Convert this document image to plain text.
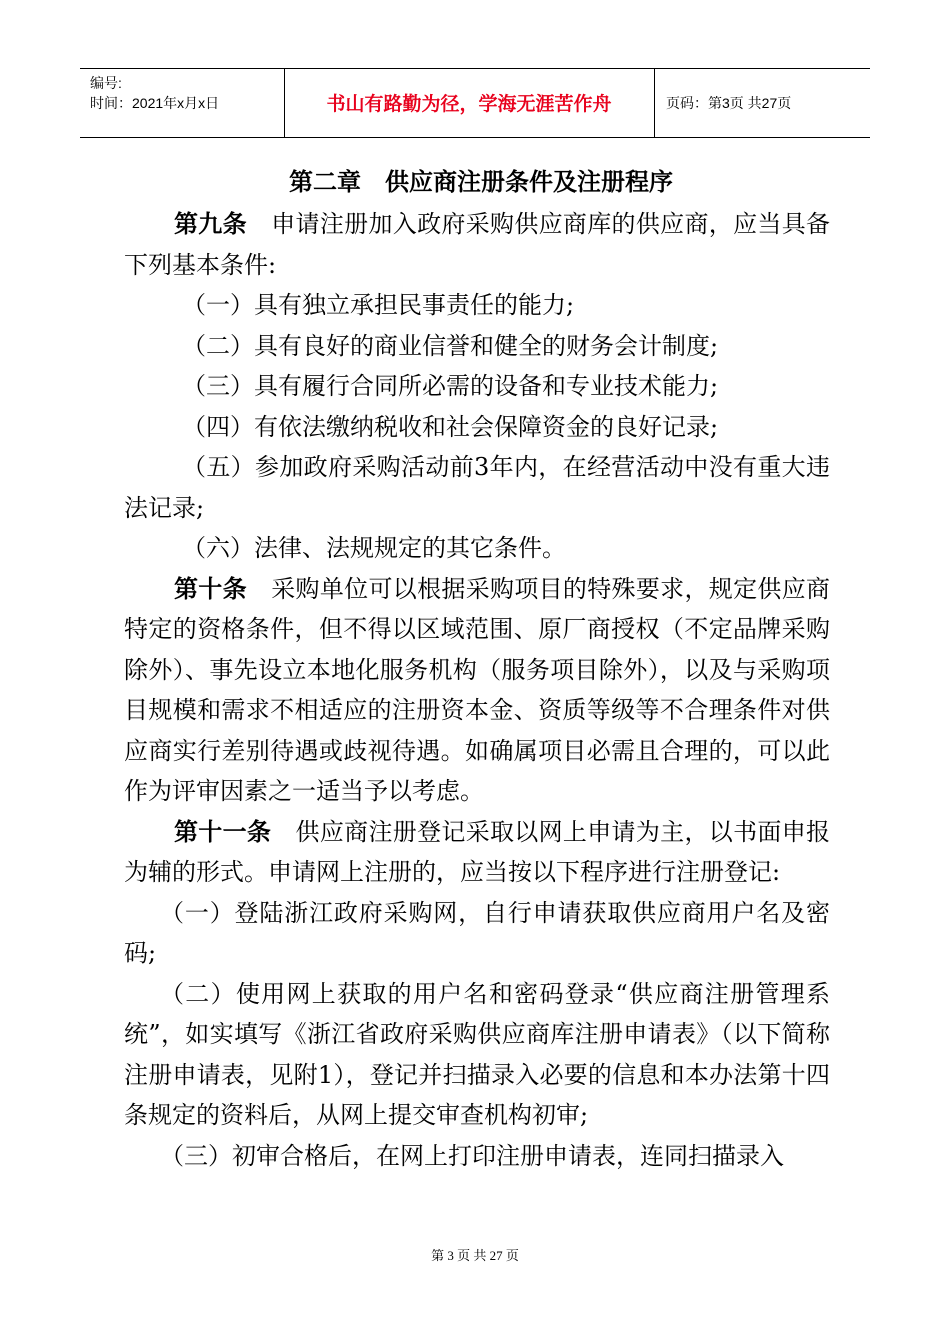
编号:
时间：2021年x月x日	书山有路勤为径，学海无涯苦作舟	页码：第3页 共27页
第二章　供应商注册条件及注册程序

第九条　申请注册加入政府采购供应商库的供应商，应当具备下列基本条件:

（一）具有独立承担民事责任的能力;

（二）具有良好的商业信誉和健全的财务会计制度;

（三）具有履行合同所必需的设备和专业技术能力;

（四）有依法缴纳税收和社会保障资金的良好记录;

（五）参加政府采购活动前3年内，在经营活动中没有重大违法记录;

（六）法律、法规规定的其它条件。

第十条　采购单位可以根据采购项目的特殊要求，规定供应商特定的资格条件，但不得以区域范围、原厂商授权（不定品牌采购除外）、事先设立本地化服务机构（服务项目除外），以及与采购项目规模和需求不相适应的注册资本金、资质等级等不合理条件对供应商实行差别待遇或歧视待遇。如确属项目必需且合理的，可以此作为评审因素之一适当予以考虑。

第十一条　供应商注册登记采取以网上申请为主，以书面申报为辅的形式。申请网上注册的，应当按以下程序进行注册登记:

（一）登陆浙江政府采购网，自行申请获取供应商用户名及密码;

（二）使用网上获取的用户名和密码登录“供应商注册管理系统”，如实填写《浙江省政府采购供应商库注册申请表》（以下简称注册申请表，见附1），登记并扫描录入必要的信息和本办法第十四条规定的资料后，从网上提交审查机构初审;

（三）初审合格后，在网上打印注册申请表，连同扫描录入

第 3 页 共 27 页
